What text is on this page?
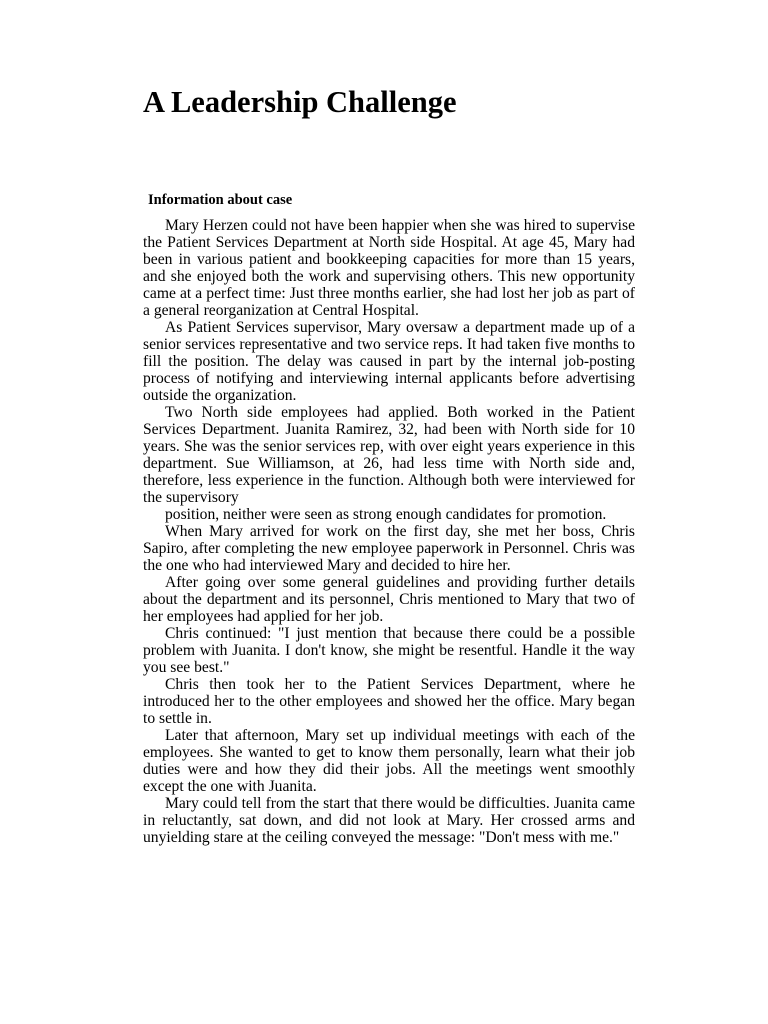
A Leadership Challenge
Information about case

Mary Herzen could not have been happier when she was hired to supervise the Patient Services Department at North side Hospital. At age 45, Mary had been in various patient and bookkeeping capacities for more than 15 years, and she enjoyed both the work and supervising others. This new opportunity came at a perfect time: Just three months earlier, she had lost her job as part of a general reorganization at Central Hospital.

As Patient Services supervisor, Mary oversaw a department made up of a senior services representative and two service reps. It had taken five months to fill the position. The delay was caused in part by the internal job-posting process of notifying and interviewing internal applicants before advertising outside the organization.

Two North side employees had applied. Both worked in the Patient Services Department. Juanita Ramirez, 32, had been with North side for 10 years. She was the senior services rep, with over eight years experience in this department. Sue Williamson, at 26, had less time with North side and, therefore, less experience in the function. Although both were interviewed for the supervisory

position, neither were seen as strong enough candidates for promotion.

When Mary arrived for work on the first day, she met her boss, Chris Sapiro, after completing the new employee paperwork in Personnel. Chris was the one who had interviewed Mary and decided to hire her.

After going over some general guidelines and providing further details about the department and its personnel, Chris mentioned to Mary that two of her employees had applied for her job.

Chris continued: "I just mention that because there could be a possible problem with Juanita. I don't know, she might be resentful. Handle it the way you see best."

Chris then took her to the Patient Services Department, where he introduced her to the other employees and showed her the office. Mary began to settle in.

Later that afternoon, Mary set up individual meetings with each of the employees. She wanted to get to know them personally, learn what their job duties were and how they did their jobs. All the meetings went smoothly except the one with Juanita.

Mary could tell from the start that there would be difficulties. Juanita came in reluctantly, sat down, and did not look at Mary. Her crossed arms and unyielding stare at the ceiling conveyed the message: "Don't mess with me."
